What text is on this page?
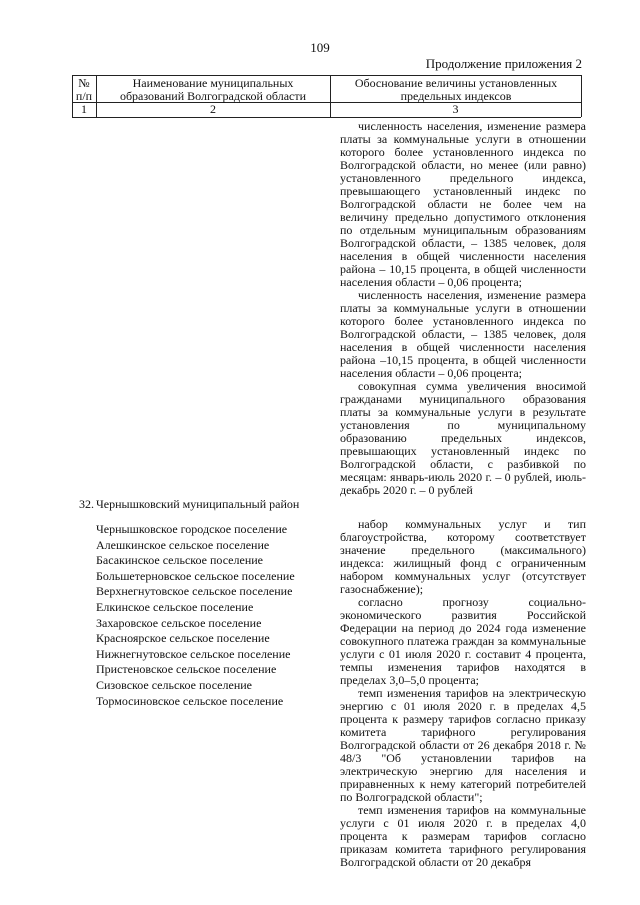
109
Продолжение приложения 2
№ п/п
Наименование муниципальных образований Волгоградской области
Обоснование величины установленных предельных индексов
1	2	3

численность населения, изменение размера платы за коммунальные услуги в отношении которого более установленного индекса по Волгоградской области, но менее (или равно) установленного предельного индекса, превышающего установленный индекс по Волгоградской области не более чем на величину предельно допустимого отклонения по отдельным муниципальным образованиям Волгоградской области, – 1385 человек, доля населения в общей численности населения района – 10,15 процента, в общей численности населения области – 0,06 процента;

численность населения, изменение размера платы за коммунальные услуги в отношении которого более установленного индекса по Волгоградской области, – 1385 человек, доля населения в общей численности населения района –10,15 процента, в общей численности населения области – 0,06 процента;

совокупная сумма увеличения вносимой гражданами муниципального образования платы за коммунальные услуги в результате установления по муниципальному образованию предельных индексов, превышающих установленный индекс по Волгоградской области, с разбивкой по месяцам: январь-июль 2020 г. – 0 рублей, июль-декабрь 2020 г. – 0 рублей

32. Чернышковский муниципальный район
Чернышковское городское поселение
Алешкинское сельское поселение
Басакинское сельское поселение
Большетерновское сельское поселение
Верхнегнутовское сельское поселение
Елкинское сельское поселение
Захаровское сельское поселение
Красноярское сельское поселение
Нижнегнутовское сельское поселение
Пристеновское сельское поселение
Сизовское сельское поселение
Тормосиновское сельское поселение

набор коммунальных услуг и тип благоустройства, которому соответствует значение предельного (максимального) индекса: жилищный фонд с ограниченным набором коммунальных услуг (отсутствует газоснабжение);

согласно прогнозу социально-экономического развития Российской Федерации на период до 2024 года изменение совокупного платежа граждан за коммунальные услуги с 01 июля 2020 г. составит 4 процента, темпы изменения тарифов находятся в пределах 3,0–5,0 процента;

темп изменения тарифов на электрическую энергию с 01 июля 2020 г. в пределах 4,5 процента к размеру тарифов согласно приказу комитета тарифного регулирования Волгоградской области от 26 декабря 2018 г. № 48/3 "Об установлении тарифов на электрическую энергию для населения и приравненных к нему категорий потребителей по Волгоградской области";

темп изменения тарифов на коммунальные услуги с 01 июля 2020 г. в пределах 4,0 процента к размерам тарифов согласно приказам комитета тарифного регулирования Волгоградской области от 20 декабря
